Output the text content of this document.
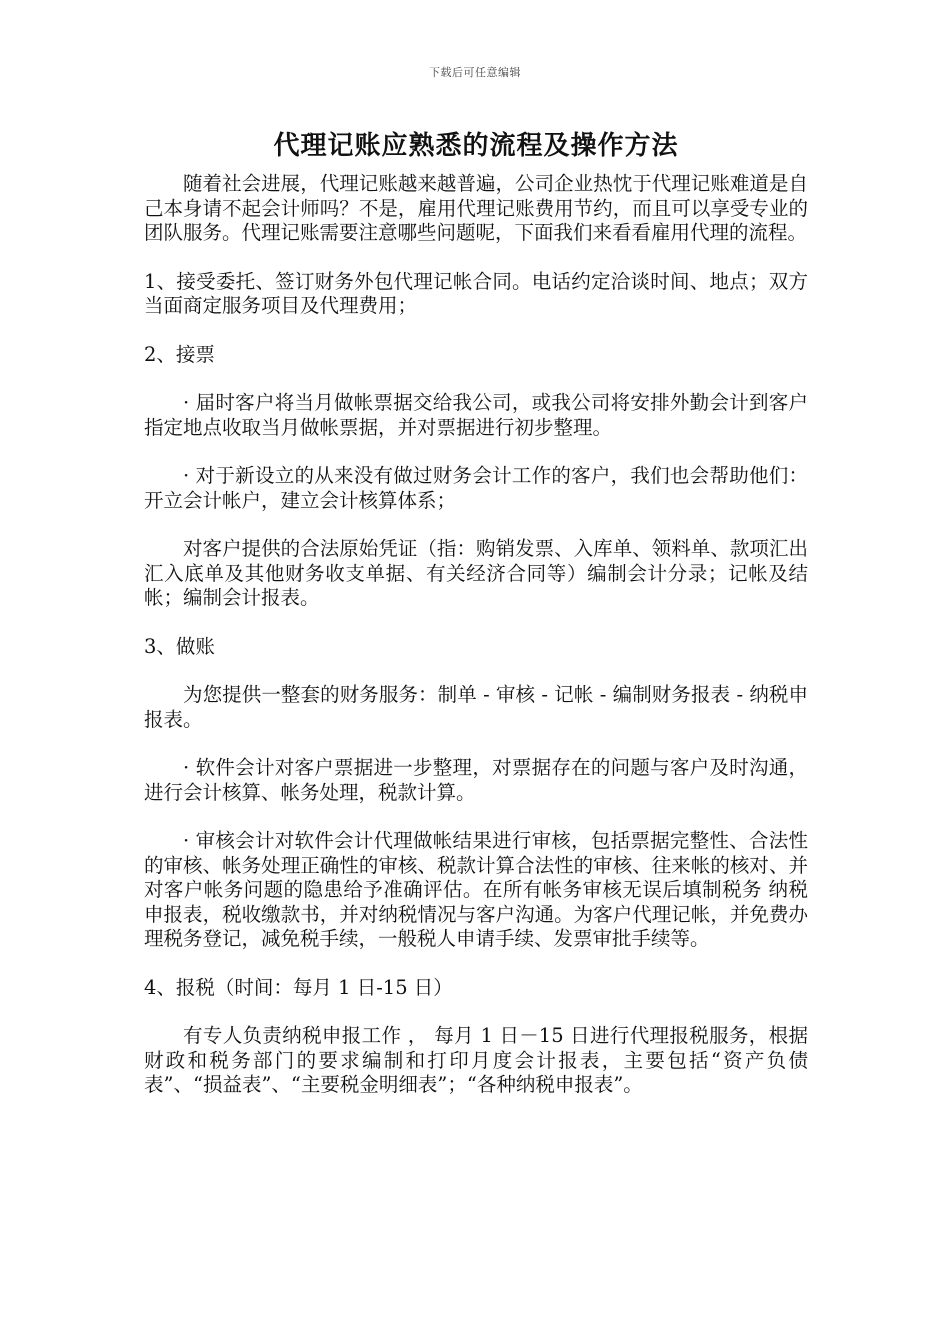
下载后可任意编辑
代理记账应熟悉的流程及操作方法

随着社会进展，代理记账越来越普遍，公司企业热忱于代理记账难道是自己本身请不起会计师吗？不是，雇用代理记账费用节约，而且可以享受专业的团队服务。代理记账需要注意哪些问题呢，下面我们来看看雇用代理的流程。

1、接受委托、签订财务外包代理记帐合同。电话约定洽谈时间、地点；双方当面商定服务项目及代理费用；

2、接票

· 届时客户将当月做帐票据交给我公司，或我公司将安排外勤会计到客户指定地点收取当月做帐票据，并对票据进行初步整理。

· 对于新设立的从来没有做过财务会计工作的客户，我们也会帮助他们：开立会计帐户，建立会计核算体系；

对客户提供的合法原始凭证（指：购销发票、入库单、领料单、款项汇出汇入底单及其他财务收支单据、有关经济合同等）编制会计分录；记帐及结帐；编制会计报表。

3、做账

为您提供一整套的财务服务：制单 - 审核 - 记帐 - 编制财务报表 - 纳税申报表。

· 软件会计对客户票据进一步整理，对票据存在的问题与客户及时沟通，进行会计核算、帐务处理，税款计算。

· 审核会计对软件会计代理做帐结果进行审核，包括票据完整性、合法性的审核、帐务处理正确性的审核、税款计算合法性的审核、往来帐的核对、并对客户帐务问题的隐患给予准确评估。在所有帐务审核无误后填制税务 纳税申报表，税收缴款书，并对纳税情况与客户沟通。为客户代理记帐，并免费办理税务登记，减免税手续，一般税人申请手续、发票审批手续等。

4、报税（时间：每月 1 日-15 日）

有专人负责纳税申报工作 ， 每月 1 日－15 日进行代理报税服务，根据财政和税务部门的要求编制和打印月度会计报表，主要包括“资产负债表”、“损益表”、“主要税金明细表”；“各种纳税申报表”。
